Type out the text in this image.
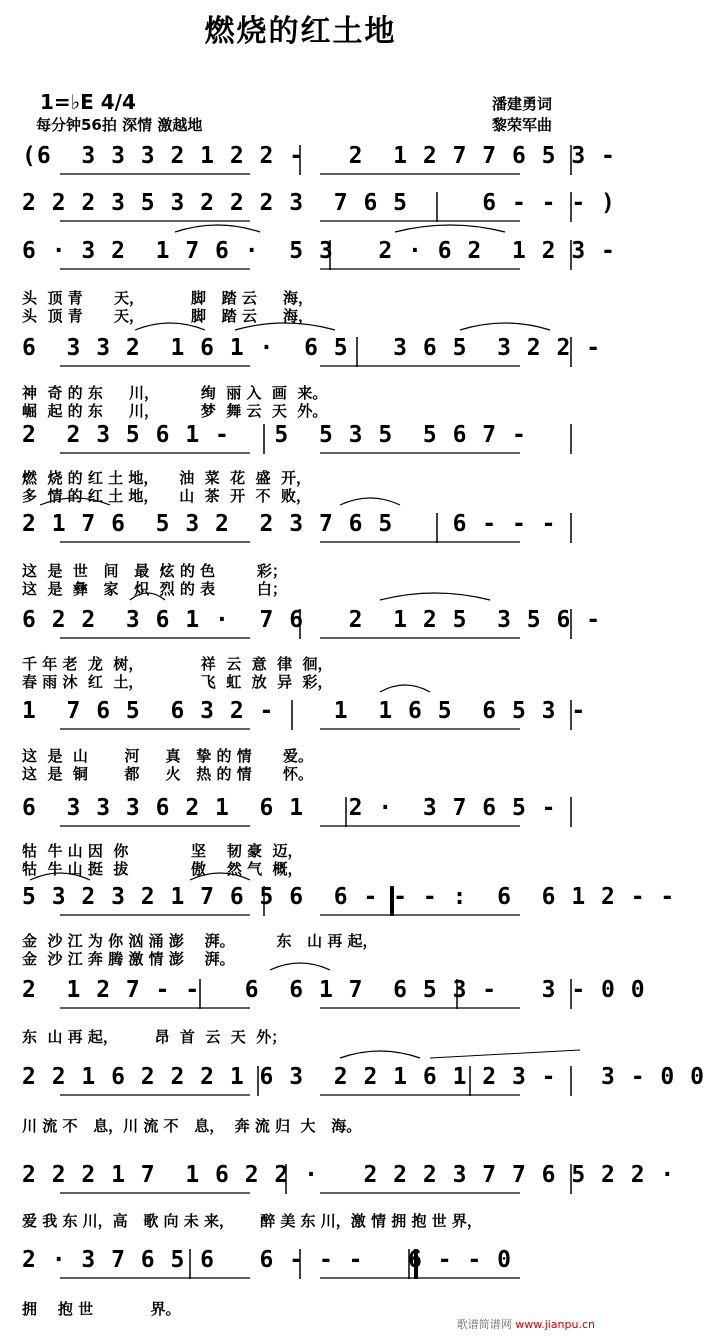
燃烧的红土地
1=♭E 4/4
每分钟56拍 深情 激越地
潘建勇词
黎荣军曲
(6  3 3 3 2 1 2 2 -   2  1 2 7 7 6 5 3 -
2 2 2 3 5 3 2 2 2 3  7 6 5     6 - - - )
6 · 3 2  1 7 6 ·  5 3   2 · 6 2  1 2 3 -
头  顶 青      天，         脚   踏 云     海，
头  顶 青      天，         脚   踏 云     海，
6  3 3 2  1 6 1 ·  6 5   3 6 5  3 2 2 -
神  奇 的 东     川，        绚  丽 入  画  来。
崛  起 的 东     川，        梦  舞 云  天  外。
2  2 3 5 6 1 -   5  5 3 5  5 6 7 -
燃  烧 的 红 土 地，    油  菜  花  盛  开，
多  情 的 红 土 地，    山  茶  开  不  败，
2 1 7 6  5 3 2  2 3 7 6 5    6 - - -
这  是  世   间   最  炫 的 色        彩；
这  是  彝   家   炽  烈 的 表        白；
6 2 2  3 6 1 ·  7 6   2  1 2 5  3 5 6 -
千 年 老  龙  树，           祥  云  意  律  徊，
春 雨 沐  红  土，           飞  虹  放  异  彩，
1  7 6 5  6 3 2 -    1  1 6 5  6 5 3 -
这  是  山       河     真   挚 的 情      爱。
这  是  铜       都     火   热 的 情      怀。
6  3 3 3 6 2 1  6 1   2 ·  3 7 6 5 -
牯  牛 山 因  你            坚    韧 豪  迈，
牯  牛 山 挺  拔            傲    然 气  概，
5 3 2 3 2 1 7 6 5 6  6 - - - :  6  6 1 2 - -
金  沙 江 为 你 汹 涌 澎    湃。        东   山 再 起，
金  沙 江 奔 腾 激 情 澎    湃。
2  1 2 7 - -   6  6 1 7  6 5 3 -   3 - 0 0
东  山 再 起，       昂  首  云  天  外；
2 2 1 6 2 2 2 1 6 3  2 2 1 6 1 2 3 -   3 - 0 0
川 流 不   息，川 流 不   息，  奔 流 归  大   海。
2 2 2 1 7  1 6 2 2 ·   2 2 2 3 7 7 6 5 2 2 ·
爱 我 东 川，高   歌 向 未 来，     醉 美 东 川，激 情 拥 抱 世 界，
2 · 3 7 6 5 6   6 - - -   6 - - 0
拥    抱 世           界。
歌谱简谱网 www.jianpu.cn
